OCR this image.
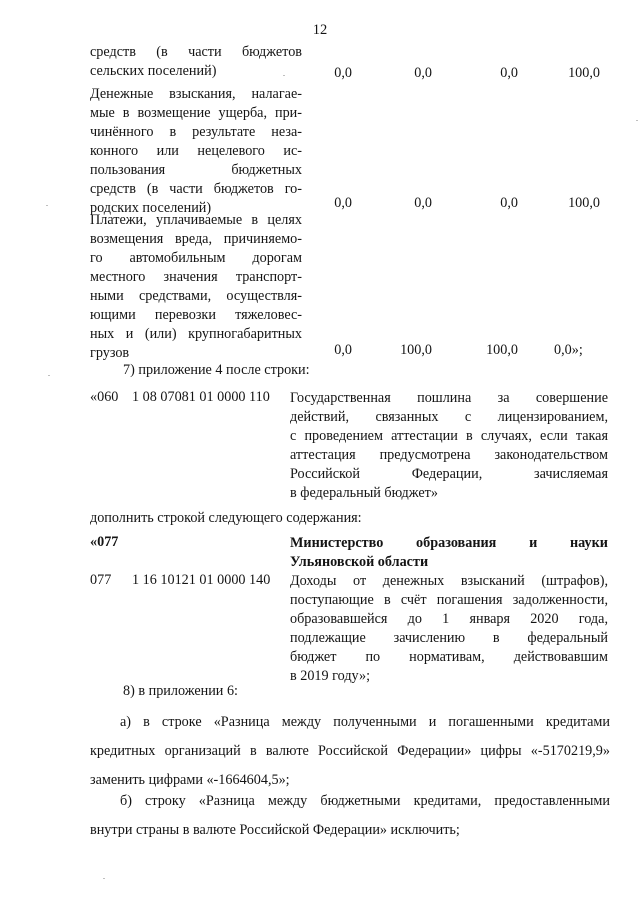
12
средств (в части бюджетов
сельских поселений)	0,0	0,0	0,0	100,0
Денежные взыскания, налагае-
мые в возмещение ущерба, при-
чинённого в результате неза-
конного или нецелевого ис-
пользования бюджетных
средств (в части бюджетов го-
родских поселений)	0,0	0,0	0,0	100,0
Платежи, уплачиваемые в целях
возмещения вреда, причиняемо-
го автомобильным дорогам
местного значения транспорт-
ными средствами, осуществля-
ющими перевозки тяжеловес-
ных и (или) крупногабаритных
грузов	0,0	100,0	100,0	0,0»;
7) приложение 4 после строки:
«060 1 08 07081 01 0000 110 Государственная пошлина за совершение
действий, связанных с лицензированием,
с проведением аттестации в случаях, если такая
аттестация предусмотрена законодательством
Российской Федерации, зачисляемая
в федеральный бюджет»
дополнить строкой следующего содержания:
«077	Министерство образования и науки
Ульяновской области
077 1 16 10121 01 0000 140 Доходы от денежных взысканий (штрафов),
поступающие в счёт погашения задолженности,
образовавшейся до 1 января 2020 года,
подлежащие зачислению в федеральный
бюджет по нормативам, действовавшим
в 2019 году»;
8) в приложении 6:
а) в строке «Разница между полученными и погашенными кредитами
кредитных организаций в валюте Российской Федерации» цифры «-5170219,9»
заменить цифрами «-1664604,5»;
б) строку «Разница между бюджетными кредитами, предоставленными
внутри страны в валюте Российской Федерации» исключить;
